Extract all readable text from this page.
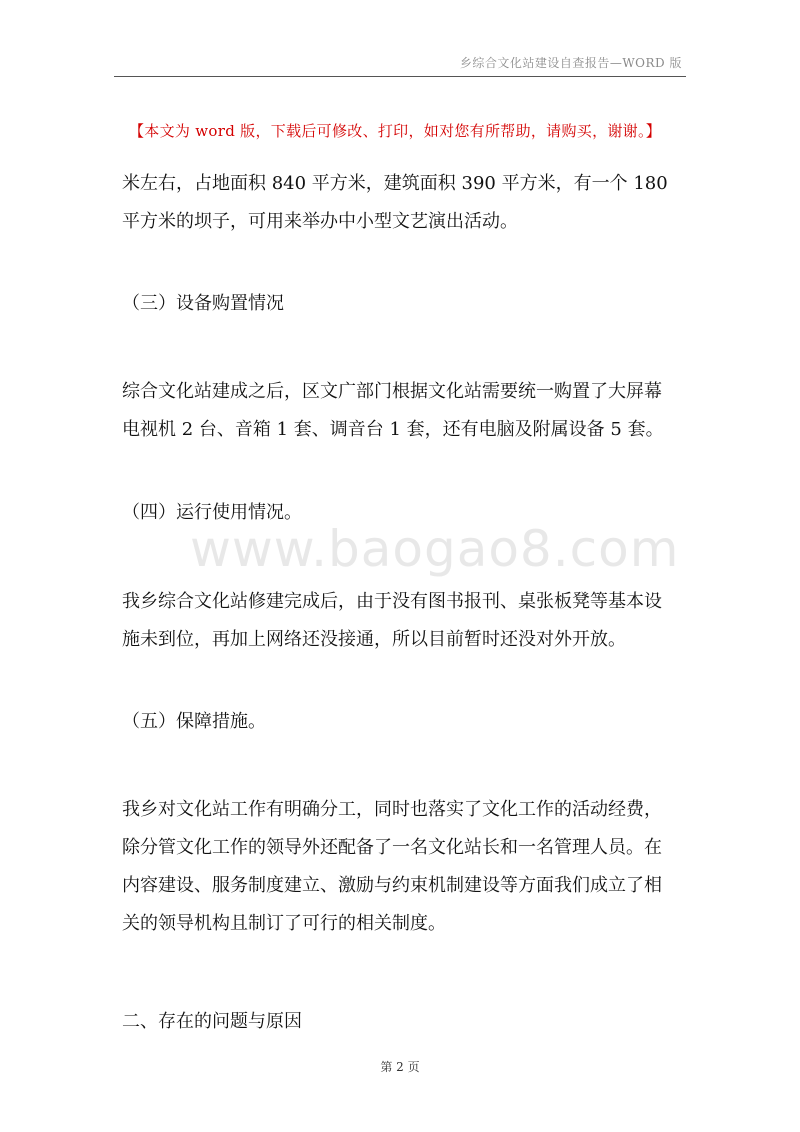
乡综合文化站建设自查报告—WORD 版
【本文为 word 版，下载后可修改、打印，如对您有所帮助，请购买，谢谢。】
www.baogao8.com
米左右，占地面积 840 平方米，建筑面积 390 平方米，有一个 180
平方米的坝子，可用来举办中小型文艺演出活动。
（三）设备购置情况
综合文化站建成之后，区文广部门根据文化站需要统一购置了大屏幕
电视机 2 台、音箱 1 套、调音台 1 套，还有电脑及附属设备 5 套。
（四）运行使用情况。
我乡综合文化站修建完成后，由于没有图书报刊、桌张板凳等基本设
施未到位，再加上网络还没接通，所以目前暂时还没对外开放。
（五）保障措施。
我乡对文化站工作有明确分工，同时也落实了文化工作的活动经费，
除分管文化工作的领导外还配备了一名文化站长和一名管理人员。在
内容建设、服务制度建立、激励与约束机制建设等方面我们成立了相
关的领导机构且制订了可行的相关制度。
二、存在的问题与原因
第 2 页
